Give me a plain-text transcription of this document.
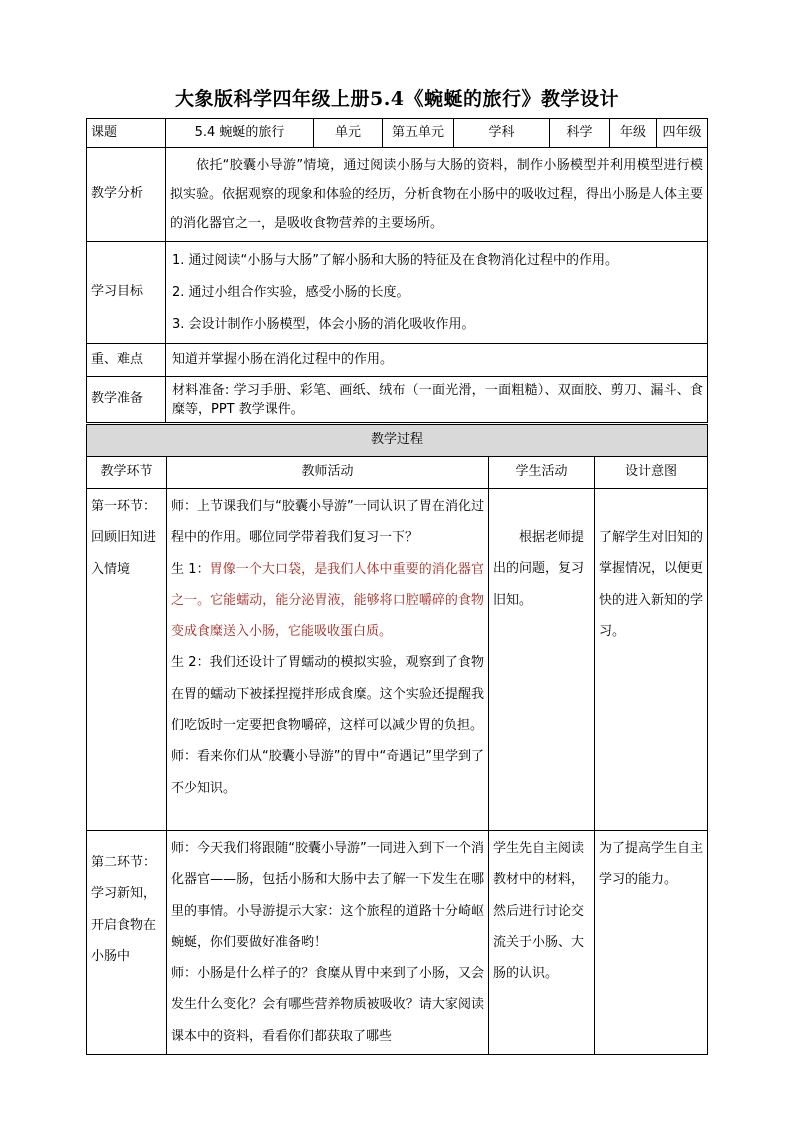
大象版科学四年级上册5.4《蜿蜒的旅行》教学设计
课题	5.4 蜿蜒的旅行	单元	第五单元	学科	科学	年级	四年级
教学分析	依托“胶囊小导游”情境，通过阅读小肠与大肠的资料，制作小肠模型并利用模型进行模拟实验。依据观察的现象和体验的经历，分析食物在小肠中的吸收过程，得出小肠是人体主要的消化器官之一，是吸收食物营养的主要场所。						
学习目标	1. 通过阅读“小肠与大肠”了解小肠和大肠的特征及在食物消化过程中的作用。
2. 通过小组合作实验，感受小肠的长度。
3. 会设计制作小肠模型，体会小肠的消化吸收作用。						

重、难点	知道并掌握小肠在消化过程中的作用。						
教学准备	材料准备: 学习手册、彩笔、画纸、绒布（一面光滑，一面粗糙）、双面胶、剪刀、漏斗、食糜等，PPT 教学课件。						
教学过程			
教学环节	教师活动	学生活动	设计意图
第一环节：回顾旧知进入情境	师：上节课我们与“胶囊小导游”一同认识了胃在消化过程中的作用。哪位同学带着我们复习一下？
生 1：胃像一个大口袋，是我们人体中重要的消化器官之一。它能蠕动，能分泌胃液，能够将口腔嚼碎的食物变成食糜送入小肠，它能吸收蛋白质。
生 2：我们还设计了胃蠕动的模拟实验，观察到了食物在胃的蠕动下被揉捏搅拌形成食糜。这个实验还提醒我们吃饭时一定要把食物嚼碎，这样可以减少胃的负担。
师：看来你们从“胶囊小导游”的胃中“奇遇记”里学到了不少知识。	根据老师提出的问题，复习旧知。	了解学生对旧知的掌握情况，以便更快的进入新知的学习。
第二环节：学习新知，开启食物在小肠中	师：今天我们将跟随“胶囊小导游”一同进入到下一个消化器官——肠，包括小肠和大肠中去了解一下发生在哪里的事情。小导游提示大家：这个旅程的道路十分崎岖蜿蜒，你们要做好准备哟！
师：小肠是什么样子的？食糜从胃中来到了小肠，又会发生什么变化？会有哪些营养物质被吸收？请大家阅读课本中的资料，看看你们都获取了哪些	学生先自主阅读教材中的材料，然后进行讨论交流关于小肠、大肠的认识。	为了提高学生自主学习的能力。
